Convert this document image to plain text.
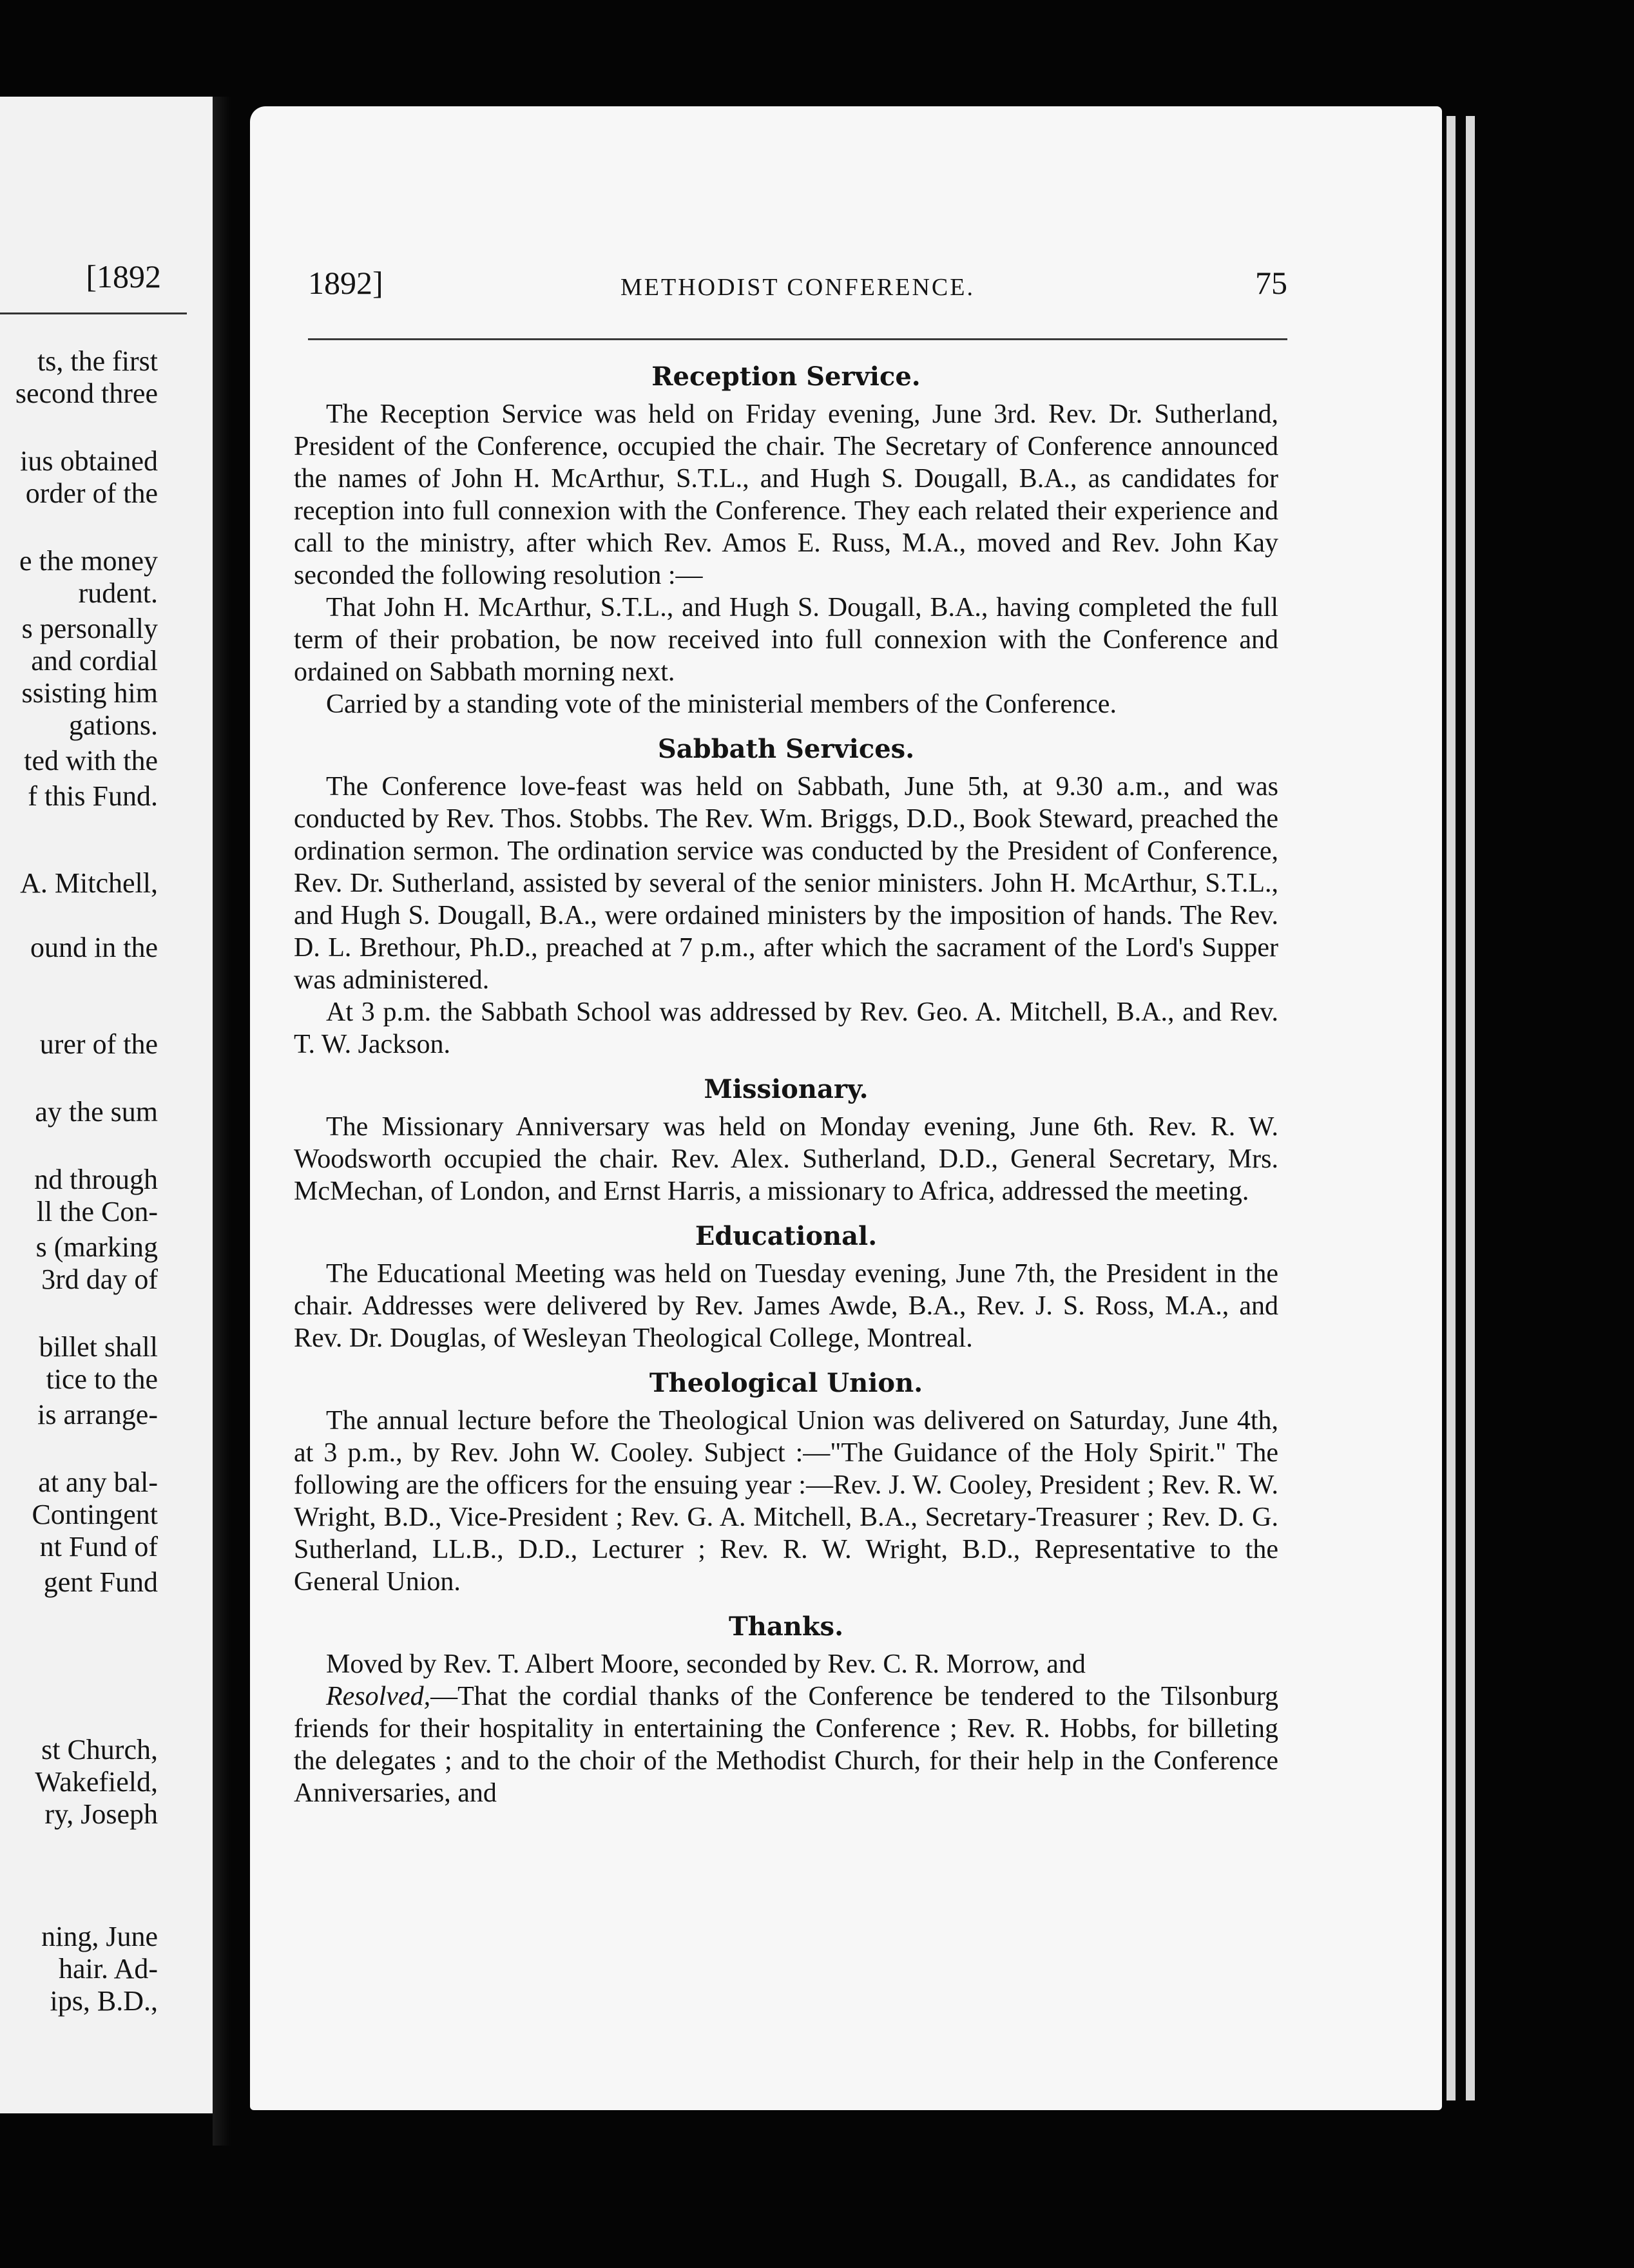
[1892
ts, the first
second three
ius obtained
order of the
e the money
rudent.
s personally
and cordial
ssisting him
gations.
ted with the
f this Fund.
A. Mitchell,
ound in the
urer of the
ay the sum
nd through
ll the Con-
s (marking
3rd day of
billet shall
tice to the
is arrange-
at any bal-
Contingent
nt Fund of
gent Fund
st Church,
Wakefield,
ry, Joseph
ning, June
hair. Ad-
ips, B.D.,
1892]	METHODIST CONFERENCE.	75
Reception Service.

The Reception Service was held on Friday evening, June 3rd. Rev. Dr. Sutherland, President of the Conference, occupied the chair. The Secretary of Conference announced the names of John H. McArthur, S.T.L., and Hugh S. Dougall, B.A., as candidates for reception into full connexion with the Conference. They each related their experience and call to the ministry, after which Rev. Amos E. Russ, M.A., moved and Rev. John Kay seconded the following resolution :—

That John H. McArthur, S.T.L., and Hugh S. Dougall, B.A., having completed the full term of their probation, be now received into full connexion with the Conference and ordained on Sabbath morning next.

Carried by a standing vote of the ministerial members of the Conference.

Sabbath Services.

The Conference love-feast was held on Sabbath, June 5th, at 9.30 a.m., and was conducted by Rev. Thos. Stobbs. The Rev. Wm. Briggs, D.D., Book Steward, preached the ordination sermon. The ordination service was conducted by the President of Conference, Rev. Dr. Sutherland, assisted by several of the senior ministers. John H. McArthur, S.T.L., and Hugh S. Dougall, B.A., were ordained ministers by the imposition of hands. The Rev. D. L. Brethour, Ph.D., preached at 7 p.m., after which the sacrament of the Lord's Supper was administered.

At 3 p.m. the Sabbath School was addressed by Rev. Geo. A. Mitchell, B.A., and Rev. T. W. Jackson.

Missionary.

The Missionary Anniversary was held on Monday evening, June 6th. Rev. R. W. Woodsworth occupied the chair. Rev. Alex. Sutherland, D.D., General Secretary, Mrs. McMechan, of London, and Ernst Harris, a missionary to Africa, addressed the meeting.

Educational.

The Educational Meeting was held on Tuesday evening, June 7th, the President in the chair. Addresses were delivered by Rev. James Awde, B.A., Rev. J. S. Ross, M.A., and Rev. Dr. Douglas, of Wesleyan Theological College, Montreal.

Theological Union.

The annual lecture before the Theological Union was delivered on Saturday, June 4th, at 3 p.m., by Rev. John W. Cooley. Subject :—"The Guidance of the Holy Spirit." The following are the officers for the ensuing year :—Rev. J. W. Cooley, President ; Rev. R. W. Wright, B.D., Vice-President ; Rev. G. A. Mitchell, B.A., Secretary-Treasurer ; Rev. D. G. Sutherland, LL.B., D.D., Lecturer ; Rev. R. W. Wright, B.D., Representative to the General Union.

Thanks.

Moved by Rev. T. Albert Moore, seconded by Rev. C. R. Morrow, and

Resolved,—That the cordial thanks of the Conference be tendered to the Tilsonburg friends for their hospitality in entertaining the Conference ; Rev. R. Hobbs, for billeting the delegates ; and to the choir of the Methodist Church, for their help in the Conference Anniversaries, and
